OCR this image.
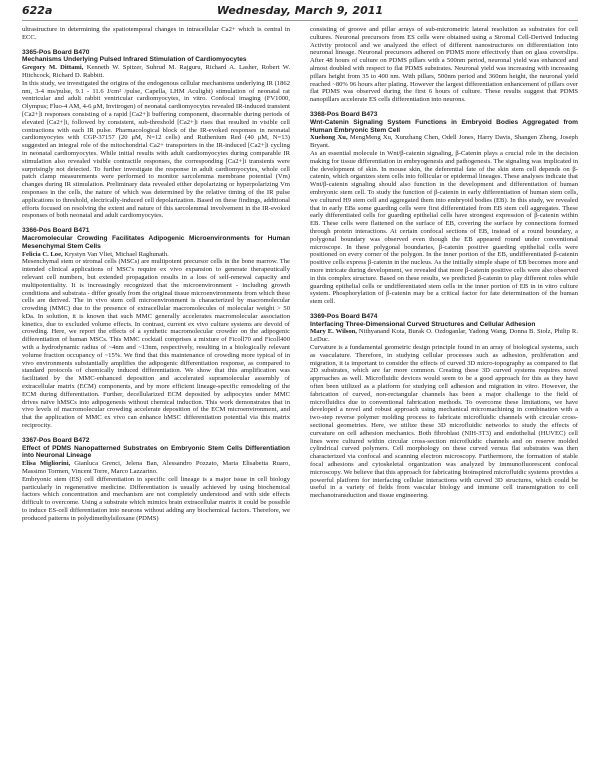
622a	Wednesday, March 9, 2011

ultrastructure in determining the spatiotemporal changes in intracellular Ca2+ which is central in ECC.

3365-Pos Board B470
Mechanisms Underlying Pulsed Infrared Stimulation of Cardiomyocytes
Gregory M. Dittami, Kenneth W. Spitzer, Suhrud M. Rajguru, Richard A. Lasher, Robert W. Hitchcock, Richard D. Rabbitt.

In this study, we investigated the origins of the endogenous cellular mechanisms underlying IR (1862 nm, 3-4 ms/pulse, 9.1 - 11.6 J/cm² /pulse, Capella, LHM Aculight) stimulation of neonatal rat ventricular and adult rabbit ventricular cardiomyocytes, in vitro. Confocal imaging (FV1000, Olympus; Fluo-4 AM, 4-6 μM, Invitrogen) of neonatal cardiomyocytes revealed IR-induced transient [Ca2+]i responses consisting of a rapid [Ca2+]i buffering component, discernable during periods of elevated [Ca2+]i, followed by consistent, sub-threshold [Ca2+]i rises that resulted in visible cell contractions with each IR pulse. Pharmacological block of the IR-evoked responses in neonatal cardiomyocytes with CGP-37157 (20 μM, N=12 cells) and Ruthenium Red (40 μM, N=13) suggested an integral role of the mitochondrial Ca2+ transporters in the IR-induced [Ca2+]i cycling in neonatal cardiomyocytes. While initial results with adult cardiomyocytes during comparable IR stimulation also revealed visible contractile responses, the corresponding [Ca2+]i transients were surprisingly not detected. To further investigate the response in adult cardiomyocytes, whole cell patch clamp measurements were performed to monitor sarcolemma membrane potential (Vm) changes during IR stimulation. Preliminary data revealed either depolarizing or hyperpolarizing Vm responses in the cells, the nature of which was determined by the relative timing of the IR pulse applications to threshold, electrically-induced cell depolarization. Based on these findings, additional efforts focused on resolving the extent and nature of this sarcolemmal involvement in the IR-evoked responses of both neonatal and adult cardiomyocytes.

3366-Pos Board B471
Macromolecular Crowding Facilitates Adipogenic Microenvironments for Human Mesenchymal Stem Cells
Felicia C. Loe, Krystyn Van Vliet, Michael Raghunath.

Mesenchymal stem or stromal cells (MSCs) are multipotent precursor cells in the bone marrow. The intended clinical applications of MSC's require ex vivo expansion to generate therapeutically relevant cell numbers, but extended propagation results in a loss of self-renewal capacity and multipotentiality. It is increasingly recognized that the microenvironment - including growth conditions and substrata - differ greatly from the original tissue microenvironments from which these cells are derived. The in vivo stem cell microenvironment is characterized by macromolecular crowding (MMC) due to the presence of extracellular macromolecules of molecular weight > 50 kDa. In solution, it is known that such MMC generally accelerates macromolecular association kinetics, due to excluded volume effects. In contrast, current ex vivo culture systems are devoid of crowding. Here, we report the effects of a synthetic macromolecular crowder on the adipogenic differentiation of human MSCs. This MMC cocktail comprises a mixture of Ficoll70 and Ficoll400 with a hydrodynamic radius of ~4nm and ~13nm, respectively, resulting in a biologically relevant volume fraction occupancy of ~15%. We find that this maintenance of crowding more typical of in vivo environments substantially amplifies the adipogenic differentiation response, as compared to standard protocols of chemically induced differentiation. We show that this amplification was facilitated by the MMC-enhanced deposition and accelerated supramolecular assembly of extracellular matrix (ECM) components, and by more efficient lineage-specific remodeling of the ECM during differentiation. Further, decellularized ECM deposited by adipocytes under MMC drives naïve hMSCs into adipogenesis without chemical induction. This work demonstrates that in vivo levels of macromolecular crowding accelerate deposition of the ECM microenvironment, and that the application of MMC ex vivo can enhance hMSC differentiation potential via this matrix reciprocity.

3367-Pos Board B472
Effect of PDMS Nanopatterned Substrates on Embryonic Stem Cells Differentiation into Neuronal Lineage
Elisa Migliorini, Gianluca Grenci, Jelena Ban, Alessandro Pozzato, Maria Elisabetta Ruaro, Massimo Tormen, Vincent Torre, Marco Lazzarino.

Embryonic stem (ES) cell differentiation in specific cell lineage is a major issue in cell biology particularly in regenerative medicine. Differentiation is usually achieved by using biochemical factors which concentration and mechanism are not completely understood and with side effects difficult to overcome. Using a substrate which mimics brain extracellular matrix it could be possible to induce ES-cell differentiation into neurons without adding any biochemical factors. Therefore, we produced patterns in polydimethylsiloxane (PDMS)

consisting of groove and pillar arrays of sub-micrometric lateral resolution as substrates for cell cultures. Neuronal precursors from ES cells were obtained using a Stromal Cell-Derived Inducing Activity protocol and we analyzed the effect of different nanostructures on differentiation into neuronal lineage. Neuronal precursors adhered on PDMS more effectively than on glass coverslips. After 48 hours of culture on PDMS pillars with a 500nm period, neuronal yield was enhanced and almost doubled with respect to flat PDMS substrates. Neuronal yield was increasing with increasing pillars height from 35 to 400 nm. With pillars, 500nm period and 360nm height, the neuronal yield reached ~80% 96 hours after plating. However the largest differentiation enhancement of pillars over flat PDMS was observed during the first 6 hours of culture. These results suggest that PDMS nanopillars accelerate ES cells differentiation into neurons.

3368-Pos Board B473
Wnt-Catenin Signaling System Functions in Embryoid Bodies Aggregated from Human Embryonic Stem Cell
Xuehong Xu, MengMeng Xu, Xunzhang Chen, Odell Jones, Harry Davis, Shangen Zheng, Joseph Bryant.

As an essential molecule in Wnt/β-catenin signaling, β-Catenin plays a crucial role in the decision making for tissue differentiation in embryogenesis and pathogenesis. The signaling was implicated in the development of skin. In mouse skin, the deferential fate of the skin stem cell depends on β-catenin, which organizes stem cells into follicular or epidermal lineages. These analyses indicate that Wnt/β-catenin signaling should also function in the development and differentiation of human embryonic stem cell. To study the function of β-catenin in early differentiation of human stem cells, we cultured H9 stem cell and aggregated them into embryoid bodies (EB). In this study, we revealed that in early EBs some guarding cells were first differentiated from EB stem cell aggregates. These early differentiated cells for guarding epithelial cells have strongest expression of β-catenin within EB. These cells were flattened on the surface of EB, covering the surface by connections formed through protein interactions. At certain confocal sections of EB, instead of a round boundary, a polygonal boundary was observed even though the EB appeared round under conventional microscope. In these polygonal boundaries, β-catenin positive guarding epithelial cells were positioned on every corner of the polygon. In the inner portion of the EB, undifferentiated β-catenin positive cells express β-catenin in the nucleus. As the initially simple shape of EB becomes more and more intricate during development, we revealed that more β-catenin positive cells were also observed in this complex structure. Based on these results, we predicted β-catenin to play different roles while guarding epithelial cells or undifferentiated stem cells in the inner portion of EB in in vitro culture system. Phosphorylation of β-catenin may be a critical factor for fate determination of the human stem cell.

3369-Pos Board B474
Interfacing Three-Dimensional Curved Structures and Cellular Adhesion
Mary E. Wilson, Nithyanand Kota, Burak O. Ozdoganlar, Yadong Wang, Donna B. Stolz, Philip R. LeDuc.

Curvature is a fundamental geometric design principle found in an array of biological systems, such as vasculature. Therefore, in studying cellular processes such as adhesion, proliferation and migration, it is important to consider the effects of curved 3D micro-topography as compared to flat 2D substrates, which are far more common. Creating these 3D curved systems requires novel approaches as well. Microfluidic devices would seem to be a good approach for this as they have often been utilized as a platform for studying cell adhesion and migration in vitro. However, the fabrication of curved, non-rectangular channels has been a major challenge to the field of microfluidics due to conventional fabrication methods. To overcome these limitations, we have developed a novel and robust approach using mechanical micromachining in combination with a two-step reverse polymer molding process to fabricate microfluidic channels with circular cross-sectional geometries. Here, we utilize these 3D microfluidic networks to study the effects of curvature on cell adhesion mechanics. Both fibroblast (NIH-3T3) and endothelial (HUVEC) cell lines were cultured within circular cross-section microfluidic channels and on reserve molded cylindrical curved polymers. Cell morphology on these curved versus flat substrates was then characterized via confocal and scanning electron microscopy. Furthermore, the formation of stable focal adhesions and cytoskeletal organization was analyzed by immunofluorescent confocal microscopy. We believe that this approach for fabricating bioinspired microfluidic systems provides a powerful platform for interfacing cellular interactions with curved 3D structures, which could be useful in a variety of fields from vascular biology and immune cell transmigration to cell mechanotransduction and tissue engineering.
